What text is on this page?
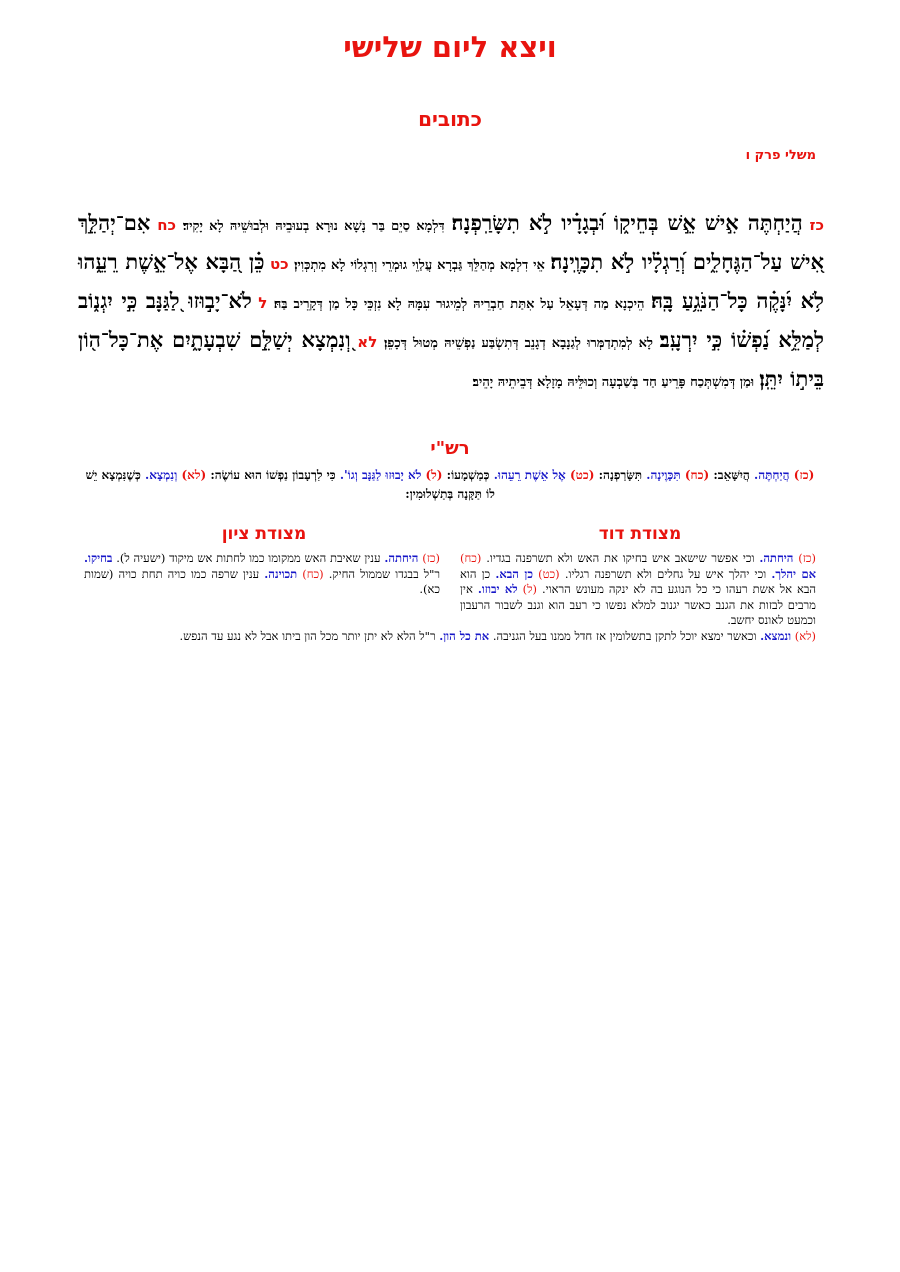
ויצא ליום שלישי
כתובים
משלי פרק ו
כז הֲיַחְתֶּה אִ֣ישׁ אֵ֣שׁ בְּחֵיק֑וֹ וּ֝בְגָדָ֗יו לֹ֣א תִשָּׂרַֽפְנָה׃ דִּלְמָא סַיֵם בַּר נָשָׁא נוּרָא בְעוּבֵיהּ וּלְבוּשֵׁיהּ לָא יָקִיד׃ כח אִם־יְהַלֵּ֣ךְ אִ֭ישׁ עַל־הַגֶּחָלִ֑ים וְ֝רַגְלָ֗יו לֹ֣א תִכָּוֶֽינָה׃ אֵי דִלְמָא מְהַלֵּךְ גַּבְרָא עֲלַוֵי גוּמְרֵי וְרִגְלוֹי לָא מִתְכְּוִין׃ כט כֵּ֗ן הַ֭בָּא אֶל־אֵ֣שֶׁת רֵעֵ֑הוּ לֹ֥א יִ֝נָּקֶ֗ה כָּל־הַנֹּגֵ֥עַ בָּֽהּ׃ הֵיכְנָא מַה דְּעָאֵל עַל אִתַּת חַבְרֵיהּ לְמֵיגוּר עִמָּהּ לָא נִזְכֵּי כָּל מַן דְּקָרֵיב בַּהּ׃ ל לֹא־יָב֣וּזוּ לַ֭גַּנָּב כִּ֣י יִגְנ֑וֹב לְמַלֵּ֥א נַ֝פְשׁ֗וֹ כִּ֣י יִרְעָֽב׃ לָא לְמִתְדַמְּרוּ לְגַנָבָא דְגָנֵב דְּתִשְׂבַּע נַפְשֵׁיהּ מְטוּל דְּכָפֵן׃ לא וְ֭נִמְצָא יְשַׁלֵּ֣ם שִׁבְעָתָ֑יִם אֶת־כָּל־ה֖וֹן בֵּית֣וֹ יִתֵּֽן׃ וּמַן דְּמִשְׁתְּכַח פָּרֵיעַ חַד בְּשַׁבְעָה וְכוּלֵּיהּ מָזָלָא דְּבֵיתֵיהּ יָהֵיב׃
רש"י
(כז) הֲיַחְתֶּה. הֲיִשָּׁאֵב: (כח) תִּכָּוֶינָה. תִּשָּׂרַפְנָה: (כט) אֶל אֵשֶׁת רֵעֵהוּ. כְּמַשְׁמָעוֹ: (ל) לֹא יָבוּזוּ לַגַּנָּב וְגוֹ'. כִּי לִרְעָבוֹן נַפְשׁוֹ הוּא עוֹשֶׂה: (לא) וְנִמְצָא. כְּשֶׁנִּמְצָא יֵשׁ לוֹ תַּקָּנָה בְּתַשְׁלוּמִין:
מצודת דוד
מצודת ציון
(כז) היחתה. וכי אפשר שישאב איש בחיקו את האש ולא תשרפנה בגדיו. (כח) אם יהלך. וכי יהלך איש על גחלים ולא תשרפנה רגליו. (כט) כן הבא. כן הוא הבא אל אשת רעהו כי כל הנוגע בה לא ינקה מעונש הראוי. (ל) לא יבוזו. אין מרבים לבזות את הגנב כאשר יגנוב למלא נפשו כי רעב הוא וגנב לשבור הרעבון וכמעט לאונס יחשב.
(כז) היחתה. ענין שאיבת האש ממקומו כמו לחתות אש מיקוד (ישעיה ל). בחיקו. ר"ל בבגדו שממול החיק. (כח) תכוינה. ענין שרפה כמו כויה תחת כויה (שמות כא).
(לא) ונמצא. וכאשר ימצא יוכל לתקן בתשלומין אז חדל ממנו בעל הגניבה. את כל הון. ר"ל הלא לא יתן יותר מכל הון ביתו אבל לא נגע עד הנפש.
